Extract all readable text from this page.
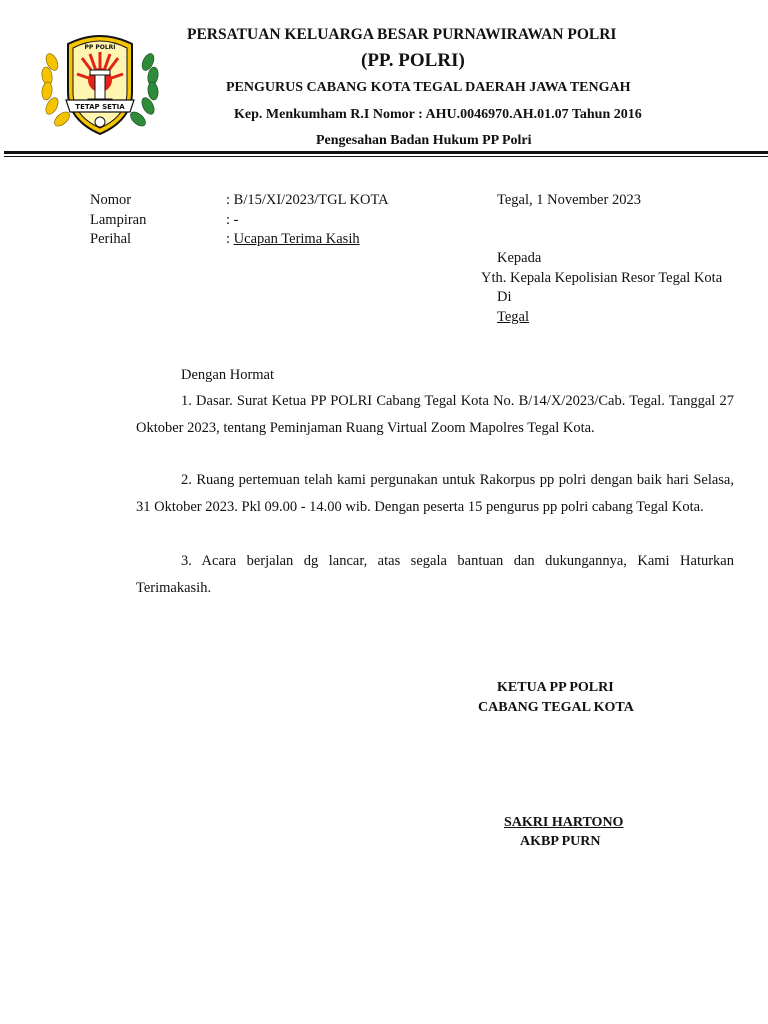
PP POLRI
TETAP SETIA
PERSATUAN KELUARGA BESAR PURNAWIRAWAN POLRI
(PP. POLRI)
PENGURUS CABANG KOTA TEGAL DAERAH JAWA TENGAH
Kep. Menkumham R.I Nomor : AHU.0046970.AH.01.07 Tahun 2016
Pengesahan Badan Hukum PP Polri
Nomor	: B/15/XI/2023/TGL KOTA
Lampiran	: -
Perihal	: Ucapan Terima Kasih
Tegal, 1 November 2023
Kepada
Yth. Kepala Kepolisian Resor Tegal Kota
Di
Tegal
Dengan Hormat
1. Dasar. Surat Ketua PP POLRI Cabang Tegal Kota No. B/14/X/2023/Cab. Tegal. Tanggal 27 Oktober 2023, tentang Peminjaman Ruang Virtual Zoom Mapolres Tegal Kota.
2. Ruang pertemuan telah kami pergunakan untuk Rakorpus pp polri dengan baik hari Selasa, 31 Oktober 2023. Pkl 09.00 - 14.00 wib. Dengan peserta 15 pengurus pp polri cabang Tegal Kota.
3. Acara berjalan dg lancar, atas segala bantuan dan dukungannya, Kami Haturkan Terimakasih.
KETUA PP POLRI
CABANG TEGAL KOTA
SAKRI HARTONO
AKBP PURN
